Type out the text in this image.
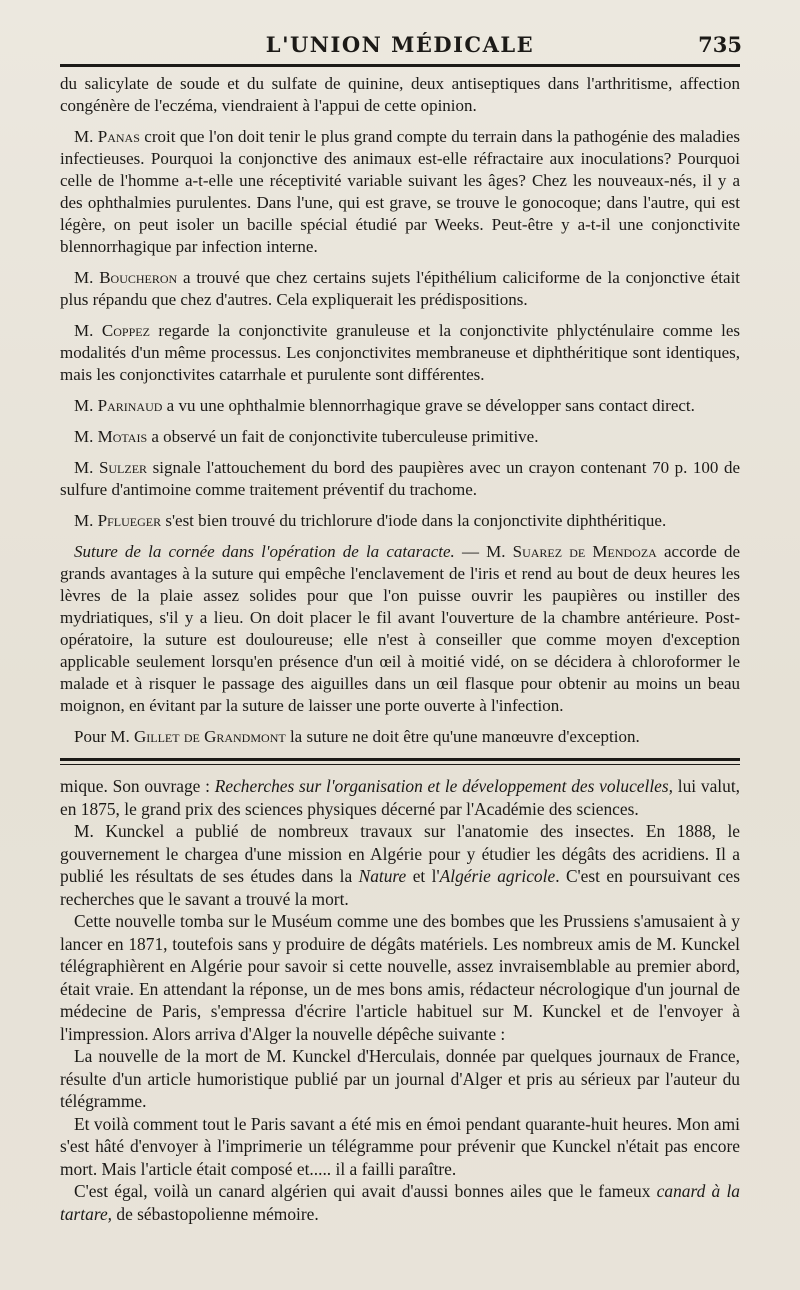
L'UNION MÉDICALE	735

du salicylate de soude et du sulfate de quinine, deux antiseptiques dans l'arthritisme, affection congénère de l'eczéma, viendraient à l'appui de cette opinion.

M. Panas croit que l'on doit tenir le plus grand compte du terrain dans la pathogénie des maladies infectieuses. Pourquoi la conjonctive des animaux est-elle réfractaire aux inoculations? Pourquoi celle de l'homme a-t-elle une réceptivité variable suivant les âges? Chez les nouveaux-nés, il y a des ophthalmies purulentes. Dans l'une, qui est grave, se trouve le gonocoque; dans l'autre, qui est légère, on peut isoler un bacille spécial étudié par Weeks. Peut-être y a-t-il une conjonctivite blennorrhagique par infection interne.

M. Boucheron a trouvé que chez certains sujets l'épithélium caliciforme de la conjonctive était plus répandu que chez d'autres. Cela expliquerait les prédispositions.

M. Coppez regarde la conjonctivite granuleuse et la conjonctivite phlycténulaire comme les modalités d'un même processus. Les conjonctivites membraneuse et diphthéritique sont identiques, mais les conjonctivites catarrhale et purulente sont différentes.

M. Parinaud a vu une ophthalmie blennorrhagique grave se développer sans contact direct.

M. Motais a observé un fait de conjonctivite tuberculeuse primitive.

M. Sulzer signale l'attouchement du bord des paupières avec un crayon contenant 70 p. 100 de sulfure d'antimoine comme traitement préventif du trachome.

M. Pflueger s'est bien trouvé du trichlorure d'iode dans la conjonctivite diphthéritique.

Suture de la cornée dans l'opération de la cataracte. — M. Suarez de Mendoza accorde de grands avantages à la suture qui empêche l'enclavement de l'iris et rend au bout de deux heures les lèvres de la plaie assez solides pour que l'on puisse ouvrir les paupières ou instiller des mydriatiques, s'il y a lieu. On doit placer le fil avant l'ouverture de la chambre antérieure. Post-opératoire, la suture est douloureuse; elle n'est à conseiller que comme moyen d'exception applicable seulement lorsqu'en présence d'un œil à moitié vidé, on se décidera à chloroformer le malade et à risquer le passage des aiguilles dans un œil flasque pour obtenir au moins un beau moignon, en évitant par la suture de laisser une porte ouverte à l'infection.

Pour M. Gillet de Grandmont la suture ne doit être qu'une manœuvre d'exception.

mique. Son ouvrage : Recherches sur l'organisation et le développement des volucelles, lui valut, en 1875, le grand prix des sciences physiques décerné par l'Académie des sciences.

M. Kunckel a publié de nombreux travaux sur l'anatomie des insectes. En 1888, le gouvernement le chargea d'une mission en Algérie pour y étudier les dégâts des acridiens. Il a publié les résultats de ses études dans la Nature et l'Algérie agricole. C'est en poursuivant ces recherches que le savant a trouvé la mort.

Cette nouvelle tomba sur le Muséum comme une des bombes que les Prussiens s'amusaient à y lancer en 1871, toutefois sans y produire de dégâts matériels. Les nombreux amis de M. Kunckel télégraphièrent en Algérie pour savoir si cette nouvelle, assez invraisemblable au premier abord, était vraie. En attendant la réponse, un de mes bons amis, rédacteur nécrologique d'un journal de médecine de Paris, s'empressa d'écrire l'article habituel sur M. Kunckel et de l'envoyer à l'impression. Alors arriva d'Alger la nouvelle dépêche suivante :

La nouvelle de la mort de M. Kunckel d'Herculais, donnée par quelques journaux de France, résulte d'un article humoristique publié par un journal d'Alger et pris au sérieux par l'auteur du télégramme.

Et voilà comment tout le Paris savant a été mis en émoi pendant quarante-huit heures. Mon ami s'est hâté d'envoyer à l'imprimerie un télégramme pour prévenir que Kunckel n'était pas encore mort. Mais l'article était composé et..... il a failli paraître.

C'est égal, voilà un canard algérien qui avait d'aussi bonnes ailes que le fameux canard à la tartare, de sébastopolienne mémoire.
